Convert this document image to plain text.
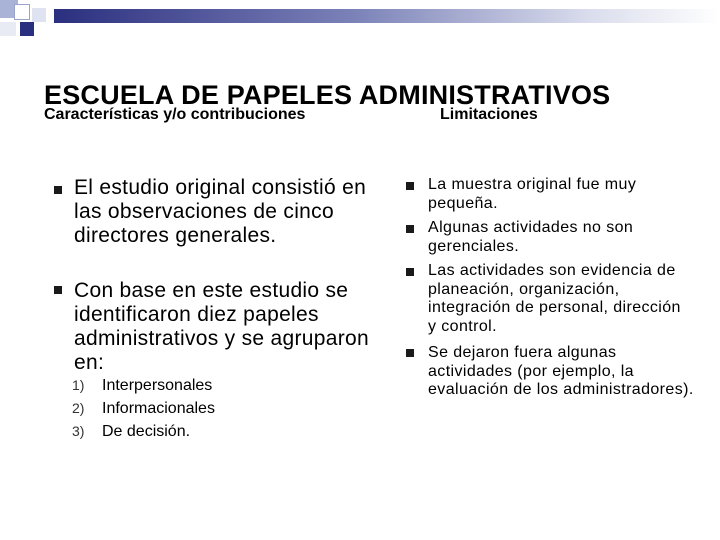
ESCUELA DE PAPELES ADMINISTRATIVOS
Características y/o contribuciones	Limitaciones
El estudio original consistió en las observaciones de cinco directores generales.
Con base en este estudio se identificaron diez papeles administrativos y se agruparon en:
1) Interpersonales
2) Informacionales
3) De decisión.
La muestra original fue muy pequeña.
Algunas actividades no son gerenciales.
Las actividades son evidencia de planeación, organización, integración de personal, dirección y control.
Se dejaron fuera algunas actividades (por ejemplo, la evaluación de los administradores).
